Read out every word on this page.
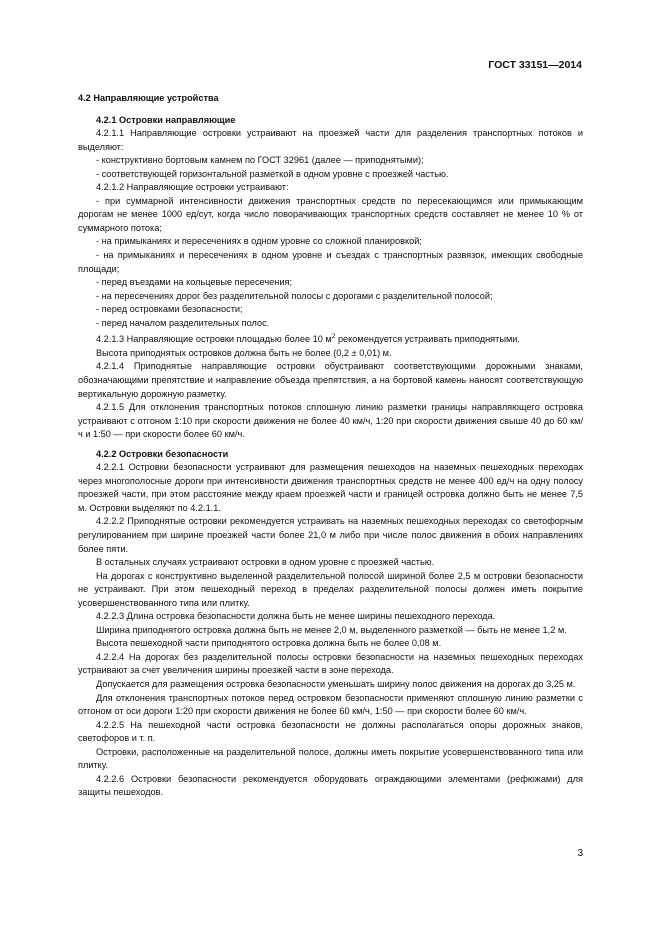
ГОСТ 33151—2014

4.2 Направляющие устройства

4.2.1 Островки направляющие

4.2.1.1 Направляющие островки устраивают на проезжей части для разделения транспортных потоков и выделяют:

- конструктивно бортовым камнем по ГОСТ 32961 (далее — приподнятыми);

- соответствующей горизонтальной разметкой в одном уровне с проезжей частью.

4.2.1.2 Направляющие островки устраивают:

- при суммарной интенсивности движения транспортных средств по пересекающимся или примыкающим дорогам не менее 1000 ед/сут, когда число поворачивающих транспортных средств составляет не менее 10 % от суммарного потока;

- на примыканиях и пересечениях в одном уровне со сложной планировкой;

- на примыканиях и пересечениях в одном уровне и съездах с транспортных развязок, имеющих свободные площади;

- перед въездами на кольцевые пересечения;

- на пересечениях дорог без разделительной полосы с дорогами с разделительной полосой;

- перед островками безопасности;

- перед началом разделительных полос.

4.2.1.3 Направляющие островки площадью более 10 $м^2$ рекомендуется устраивать приподнятыми.

Высота приподнятых островков должна быть не более (0,2 ± 0,01) м.

4.2.1.4 Приподнятые направляющие островки обустраивают соответствующими дорожными знаками, обозначающими препятствие и направление объезда препятствия, а на бортовой камень наносят соответствующую вертикальную дорожную разметку.

4.2.1.5 Для отклонения транспортных потоков сплошную линию разметки границы направляющего островка устраивают с отгоном 1:10 при скорости движения не более 40 км/ч, 1:20 при скорости движения свыше 40 до 60 км/ч и 1:50 — при скорости более 60 км/ч.

4.2.2 Островки безопасности

4.2.2.1 Островки безопасности устраивают для размещения пешеходов на наземных пешеходных переходах через многополосные дороги при интенсивности движения транспортных средств не менее 400 ед/ч на одну полосу проезжей части, при этом расстояние между краем проезжей части и границей островка должно быть не менее 7,5 м. Островки выделяют по 4.2.1.1.

4.2.2.2 Приподнятые островки рекомендуется устраивать на наземных пешеходных переходах со светофорным регулированием при ширине проезжей части более 21,0 м либо при числе полос движения в обоих направлениях более пяти.

В остальных случаях устраивают островки в одном уровне с проезжей частью.

На дорогах с конструктивно выделенной разделительной полосой шириной более 2,5 м островки безопасности не устраивают. При этом пешеходный переход в пределах разделительной полосы должен иметь покрытие усовершенствованного типа или плитку.

4.2.2.3 Длина островка безопасности должна быть не менее ширины пешеходного перехода.

Ширина приподнятого островка должна быть не менее 2,0 м, выделенного разметкой — быть не менее 1,2 м.

Высота пешеходной части приподнятого островка должна быть не более 0,08 м.

4.2.2.4 На дорогах без разделительной полосы островки безопасности на наземных пешеходных переходах устраивают за счет увеличения ширины проезжей части в зоне перехода.

Допускается для размещения островка безопасности уменьшать ширину полос движения на дорогах до 3,25 м.

Для отклонения транспортных потоков перед островком безопасности применяют сплошную линию разметки с отгоном от оси дороги 1:20 при скорости движения не более 60 км/ч, 1:50 — при скорости более 60 км/ч.

4.2.2.5 На пешеходной части островка безопасности не должны располагаться опоры дорожных знаков, светофоров и т. п.

Островки, расположенные на разделительной полосе, должны иметь покрытие усовершенствованного типа или плитку.

4.2.2.6 Островки безопасности рекомендуется оборудовать ограждающими элементами (рефюжами) для защиты пешеходов.

3
